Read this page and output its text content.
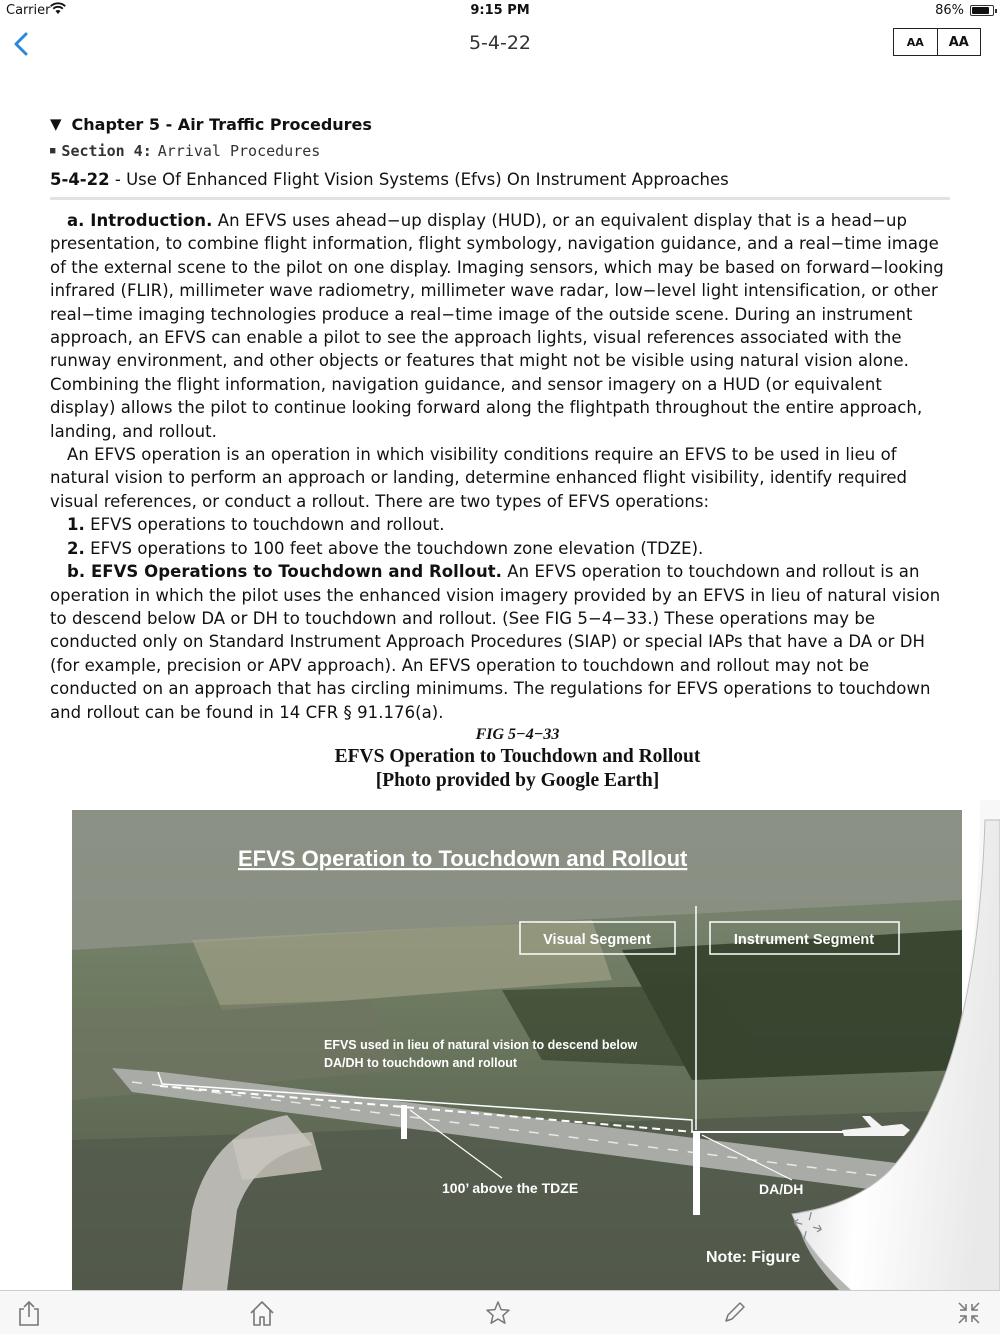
Carrier	9:15 PM	86%
5-4-22	AA AA
▼ Chapter 5 - Air Traffic Procedures
■ Section 4: Arrival Procedures
5-4-22 - Use Of Enhanced Flight Vision Systems (Efvs) On Instrument Approaches

a. Introduction. An EFVS uses ahead−up display (HUD), or an equivalent display that is a head−up presentation, to combine flight information, flight symbology, navigation guidance, and a real−time image of the external scene to the pilot on one display. Imaging sensors, which may be based on forward−looking infrared (FLIR), millimeter wave radiometry, millimeter wave radar, low−level light intensification, or other real−time imaging technologies produce a real−time image of the outside scene. During an instrument approach, an EFVS can enable a pilot to see the approach lights, visual references associated with the runway environment, and other objects or features that might not be visible using natural vision alone. Combining the flight information, navigation guidance, and sensor imagery on a HUD (or equivalent display) allows the pilot to continue looking forward along the flightpath throughout the entire approach, landing, and rollout.

An EFVS operation is an operation in which visibility conditions require an EFVS to be used in lieu of natural vision to perform an approach or landing, determine enhanced flight visibility, identify required visual references, or conduct a rollout. There are two types of EFVS operations:

1. EFVS operations to touchdown and rollout.
2. EFVS operations to 100 feet above the touchdown zone elevation (TDZE).

b. EFVS Operations to Touchdown and Rollout. An EFVS operation to touchdown and rollout is an operation in which the pilot uses the enhanced vision imagery provided by an EFVS in lieu of natural vision to descend below DA or DH to touchdown and rollout. (See FIG 5−4−33.) These operations may be conducted only on Standard Instrument Approach Procedures (SIAP) or special IAPs that have a DA or DH (for example, precision or APV approach). An EFVS operation to touchdown and rollout may not be conducted on an approach that has circling minimums. The regulations for EFVS operations to touchdown and rollout can be found in 14 CFR § 91.176(a).

FIG 5−4−33
EFVS Operation to Touchdown and Rollout
[Photo provided by Google Earth]
EFVS Operation to Touchdown and Rollout
Visual Segment	Instrument Segment
EFVS used in lieu of natural vision to descend below
DA/DH to touchdown and rollout
100’ above the TDZE	DA/DH
Note: Figure
